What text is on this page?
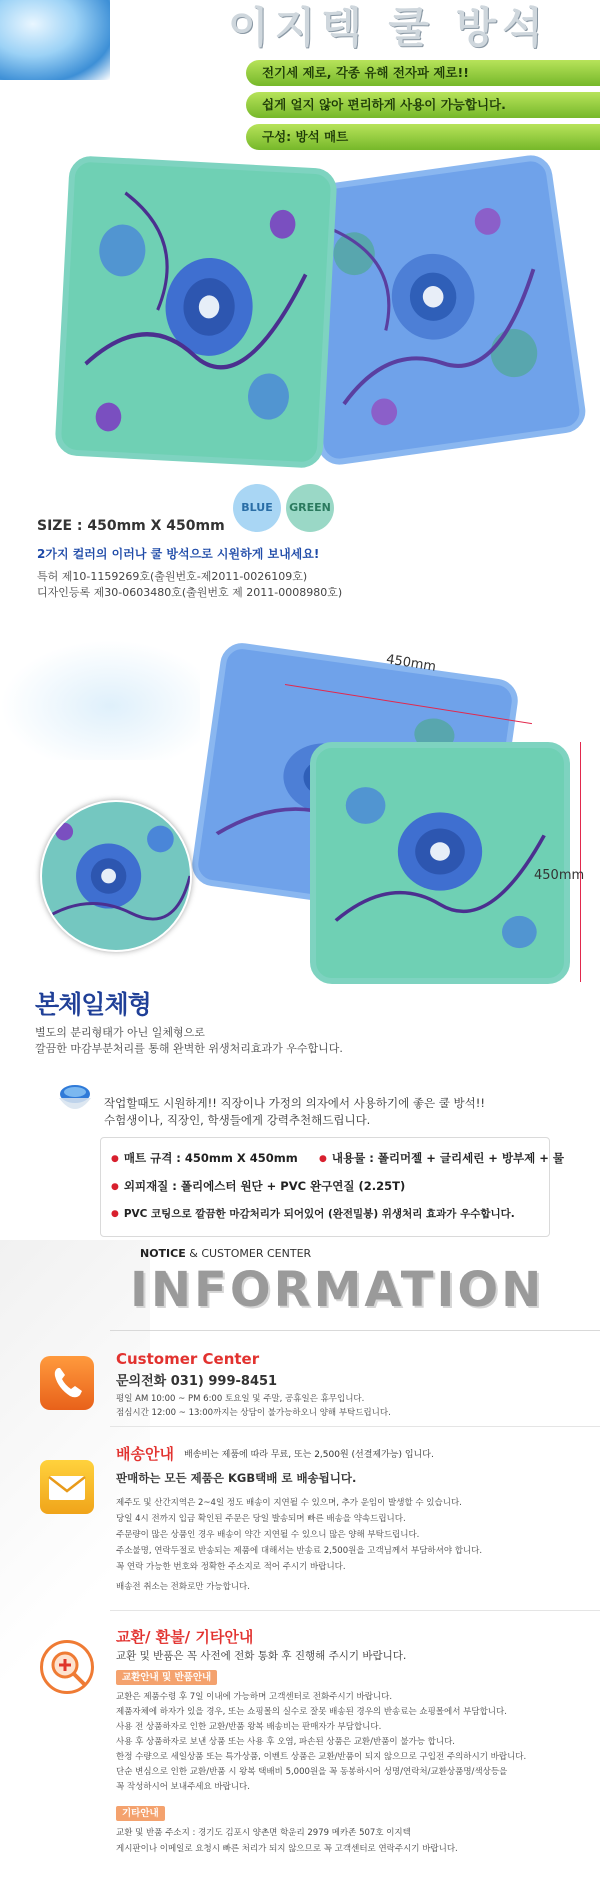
이지텍 쿨 방석
전기세 제로, 각종 유해 전자파 제로!!
쉽게 얼지 않아 편리하게 사용이 가능합니다.
구성: 방석 매트
BLUE	GREEN
SIZE : 450mm X 450mm
2가지 컬러의 이러나 쿨 방석으로 시원하게 보내세요!
특허 제10-1159269호(출원번호-제2011-0026109호)
디자인등록 제30-0603480호(출원번호 제 2011-0008980호)
450mm
450mm
본체일체형
별도의 분리형태가 아닌 일체형으로
깔끔한 마감부분처리를 통해 완벽한 위생처리효과가 우수합니다.
작업할때도 시원하게!! 직장이나 가정의 의자에서 사용하기에 좋은 쿨 방석!!
수험생이나, 직장인, 학생들에게 강력추천해드립니다.
● 매트 규격 : 450mm X 450mm
●	내용물 : 폴리머젤 + 글리세린 + 방부제 + 물
● 외피재질 : 폴리에스터 원단 + PVC 완구연질 (2.25T)
● PVC 코팅으로 깔끔한 마감처리가 되어있어 (완전밀봉) 위생처리 효과가 우수합니다.
NOTICE & CUSTOMER CENTER
INFORMATION
Customer Center
문의전화 031) 999-8451
평일 AM 10:00 ~ PM 6:00 토요일 및 주말, 공휴일은 휴무입니다.
점심시간 12:00 ~ 13:00까지는 상담이 불가능하오니 양해 부탁드립니다.
배송안내 배송비는 제품에 따라 무료, 또는 2,500원 (선결제가능) 입니다.
판매하는 모든 제품은 KGB택배 로 배송됩니다.
제주도 및 산간지역은 2~4일 정도 배송이 지연될 수 있으며, 추가 운임이 발생할 수 있습니다.
당일 4시 전까지 입금 확인된 주문은 당일 발송되며 빠른 배송을 약속드립니다.
주문량이 많은 상품인 경우 배송이 약간 지연될 수 있으니 많은 양해 부탁드립니다.
주소불명, 연락두절로 반송되는 제품에 대해서는 반송료 2,500원을 고객님께서 부담하셔야 합니다.
꼭 연락 가능한 번호와 정확한 주소지로 적어 주시기 바랍니다.
배송전 취소는 전화로만 가능합니다.
교환/ 환불/ 기타안내
교환 및 반품은 꼭 사전에 전화 통화 후 진행해 주시기 바랍니다.
교환안내 및 반품안내
교환은 제품수령 후 7일 이내에 가능하며 고객센터로 전화주시기 바랍니다.
제품자체에 하자가 있을 경우, 또는 쇼핑몰의 실수로 잘못 배송된 경우의 반송료는 쇼핑몰에서 부담합니다.
사용 전 상품하자로 인한 교환/반품 왕복 배송비는 판매자가 부담합니다.
사용 후 상품하자로 보낸 상품 또는 사용 후 오염, 파손된 상품은 교환/반품이 불가능 합니다.
한정 수량으로 세일상품 또는 특가상품, 이벤트 상품은 교환/반품이 되지 않으므로 구입전 주의하시기 바랍니다.
단순 변심으로 인한 교환/반품 시 왕복 택배비 5,000원을 꼭 동봉하시어 성명/연락처/교환상품명/색상등을
꼭 작성하시어 보내주세요 바랍니다.
기타안내
교환 및 반품 주소지 : 경기도 김포시 양촌면 학운리 2979 메카존 507호 이지텍
게시판이나 이메일로 요청시 빠른 처리가 되지 않으므로 꼭 고객센터로 연락주시기 바랍니다.
